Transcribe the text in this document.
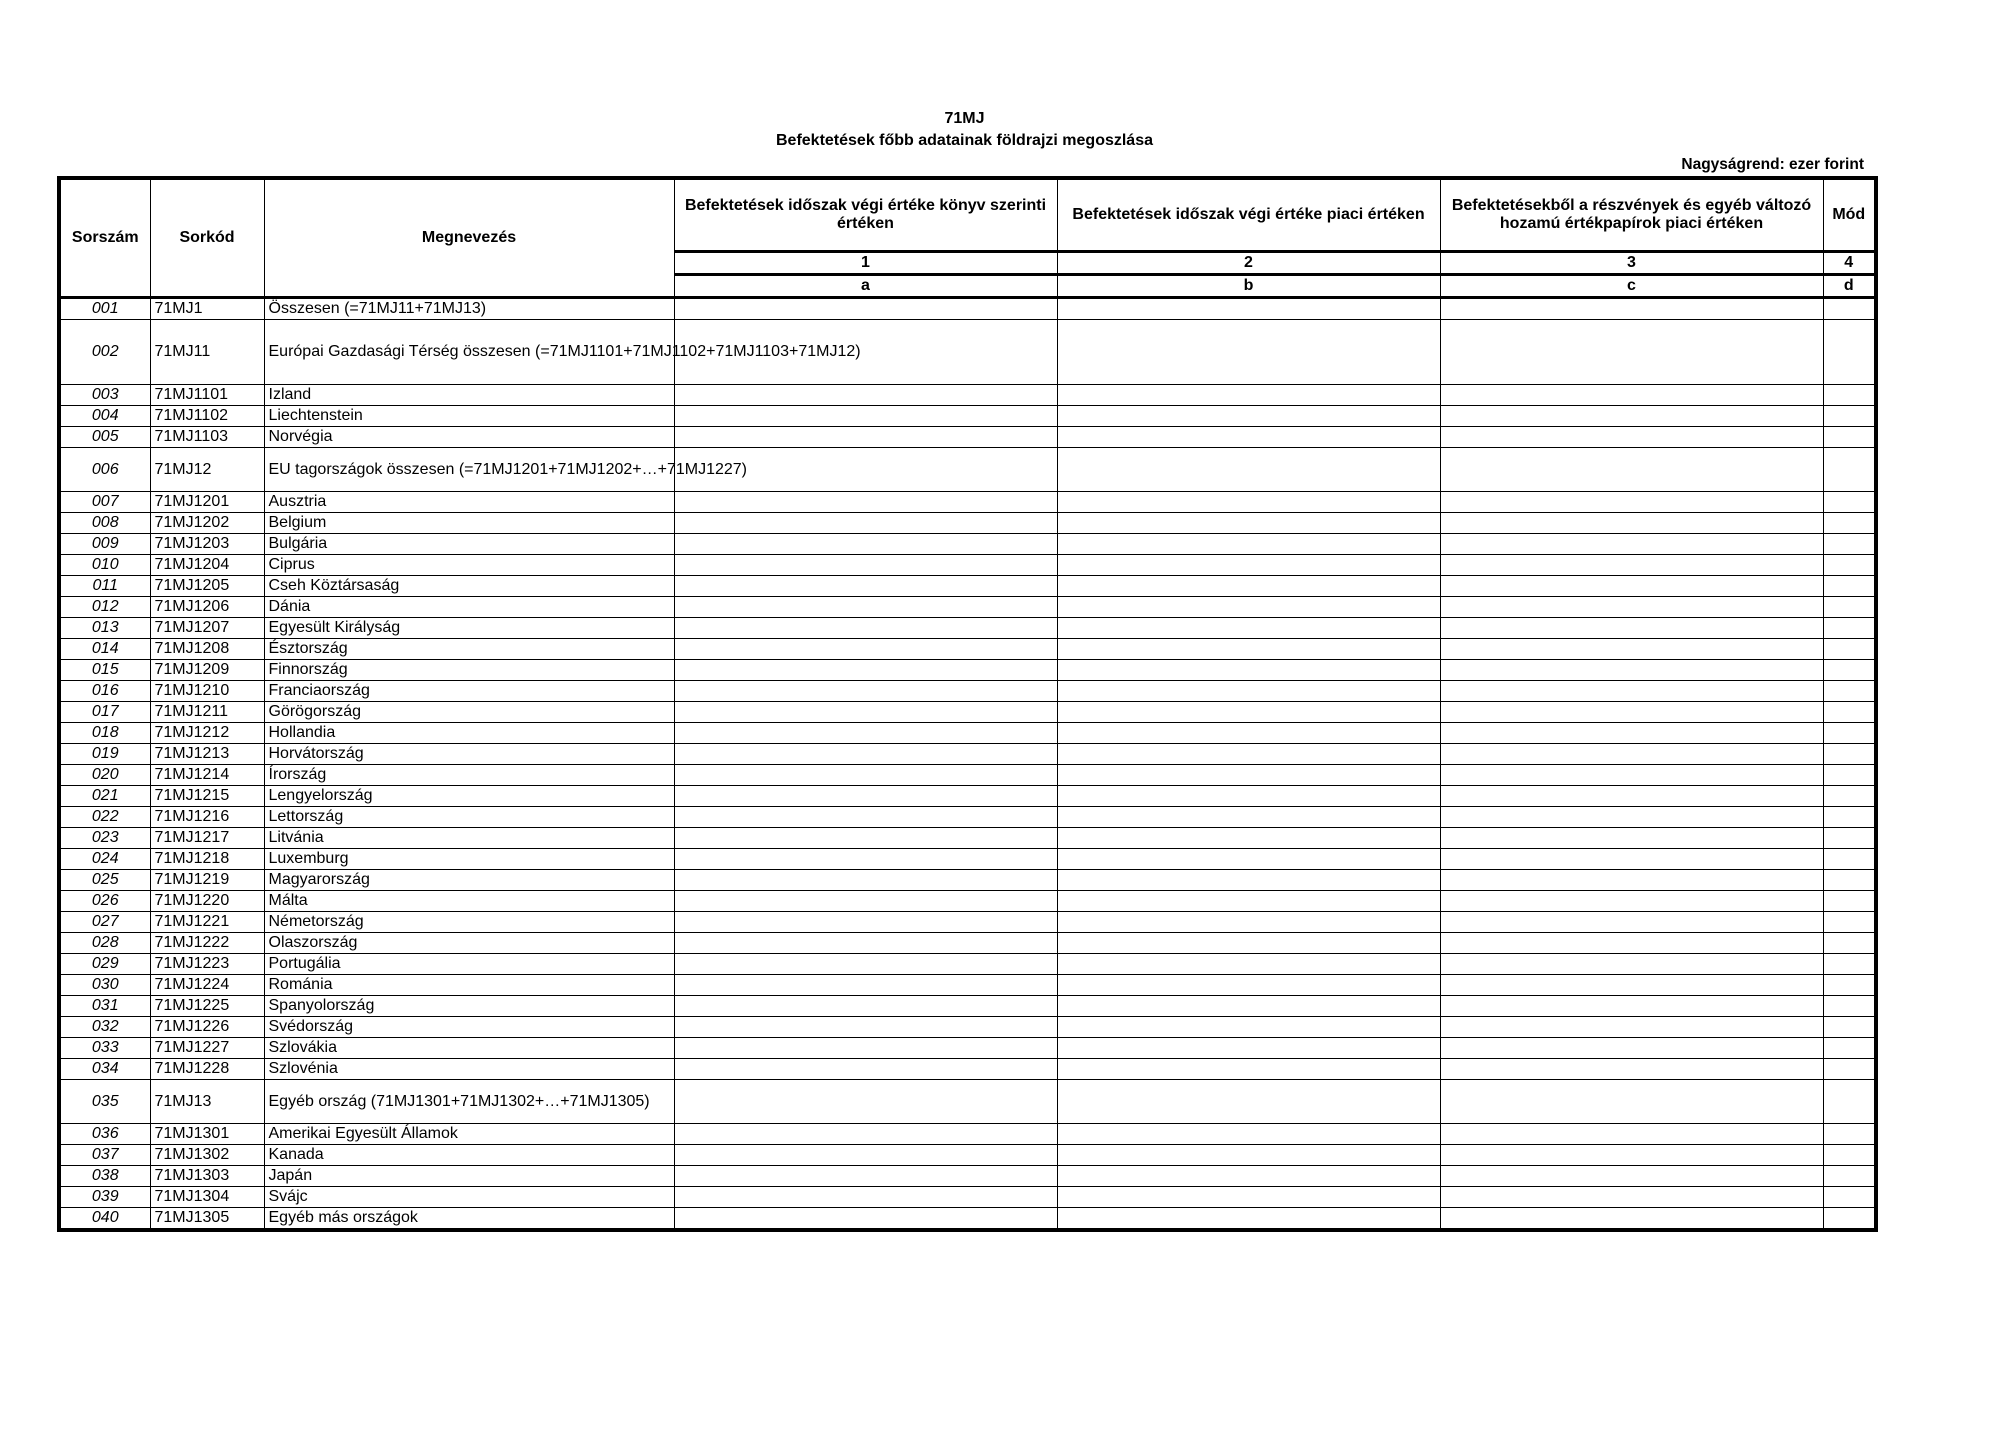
71MJ
Befektetések főbb adatainak földrajzi megoszlása
Nagyságrend: ezer forint
Sorszám	Sorkód	Megnevezés	Befektetések időszak végi értéke könyv szerinti értéken	Befektetések időszak végi értéke piaci értéken	Befektetésekből a részvények és egyéb változó hozamú értékpapírok piaci értéken	Mód
			1	2	3	4
			a	b	c	d
001	71MJ1	Összesen (=71MJ11+71MJ13)				
002	71MJ11	Európai Gazdasági Térség összesen (=71MJ1101+71MJ1102+71MJ1103+71MJ12)				
003	71MJ1101	Izland				
004	71MJ1102	Liechtenstein				
005	71MJ1103	Norvégia				
006	71MJ12	EU tagországok összesen (=71MJ1201+71MJ1202+…+71MJ1227)				
007	71MJ1201	Ausztria				
008	71MJ1202	Belgium				
009	71MJ1203	Bulgária				
010	71MJ1204	Ciprus				
011	71MJ1205	Cseh Köztársaság				
012	71MJ1206	Dánia				
013	71MJ1207	Egyesült Királyság				
014	71MJ1208	Észtország				
015	71MJ1209	Finnország				
016	71MJ1210	Franciaország				
017	71MJ1211	Görögország				
018	71MJ1212	Hollandia				
019	71MJ1213	Horvátország				
020	71MJ1214	Írország				
021	71MJ1215	Lengyelország				
022	71MJ1216	Lettország				
023	71MJ1217	Litvánia				
024	71MJ1218	Luxemburg				
025	71MJ1219	Magyarország				
026	71MJ1220	Málta				
027	71MJ1221	Németország				
028	71MJ1222	Olaszország				
029	71MJ1223	Portugália				
030	71MJ1224	Románia				
031	71MJ1225	Spanyolország				
032	71MJ1226	Svédország				
033	71MJ1227	Szlovákia				
034	71MJ1228	Szlovénia				
035	71MJ13	Egyéb ország (71MJ1301+71MJ1302+…+71MJ1305)				
036	71MJ1301	Amerikai Egyesült Államok				
037	71MJ1302	Kanada				
038	71MJ1303	Japán				
039	71MJ1304	Svájc				
040	71MJ1305	Egyéb más országok				
